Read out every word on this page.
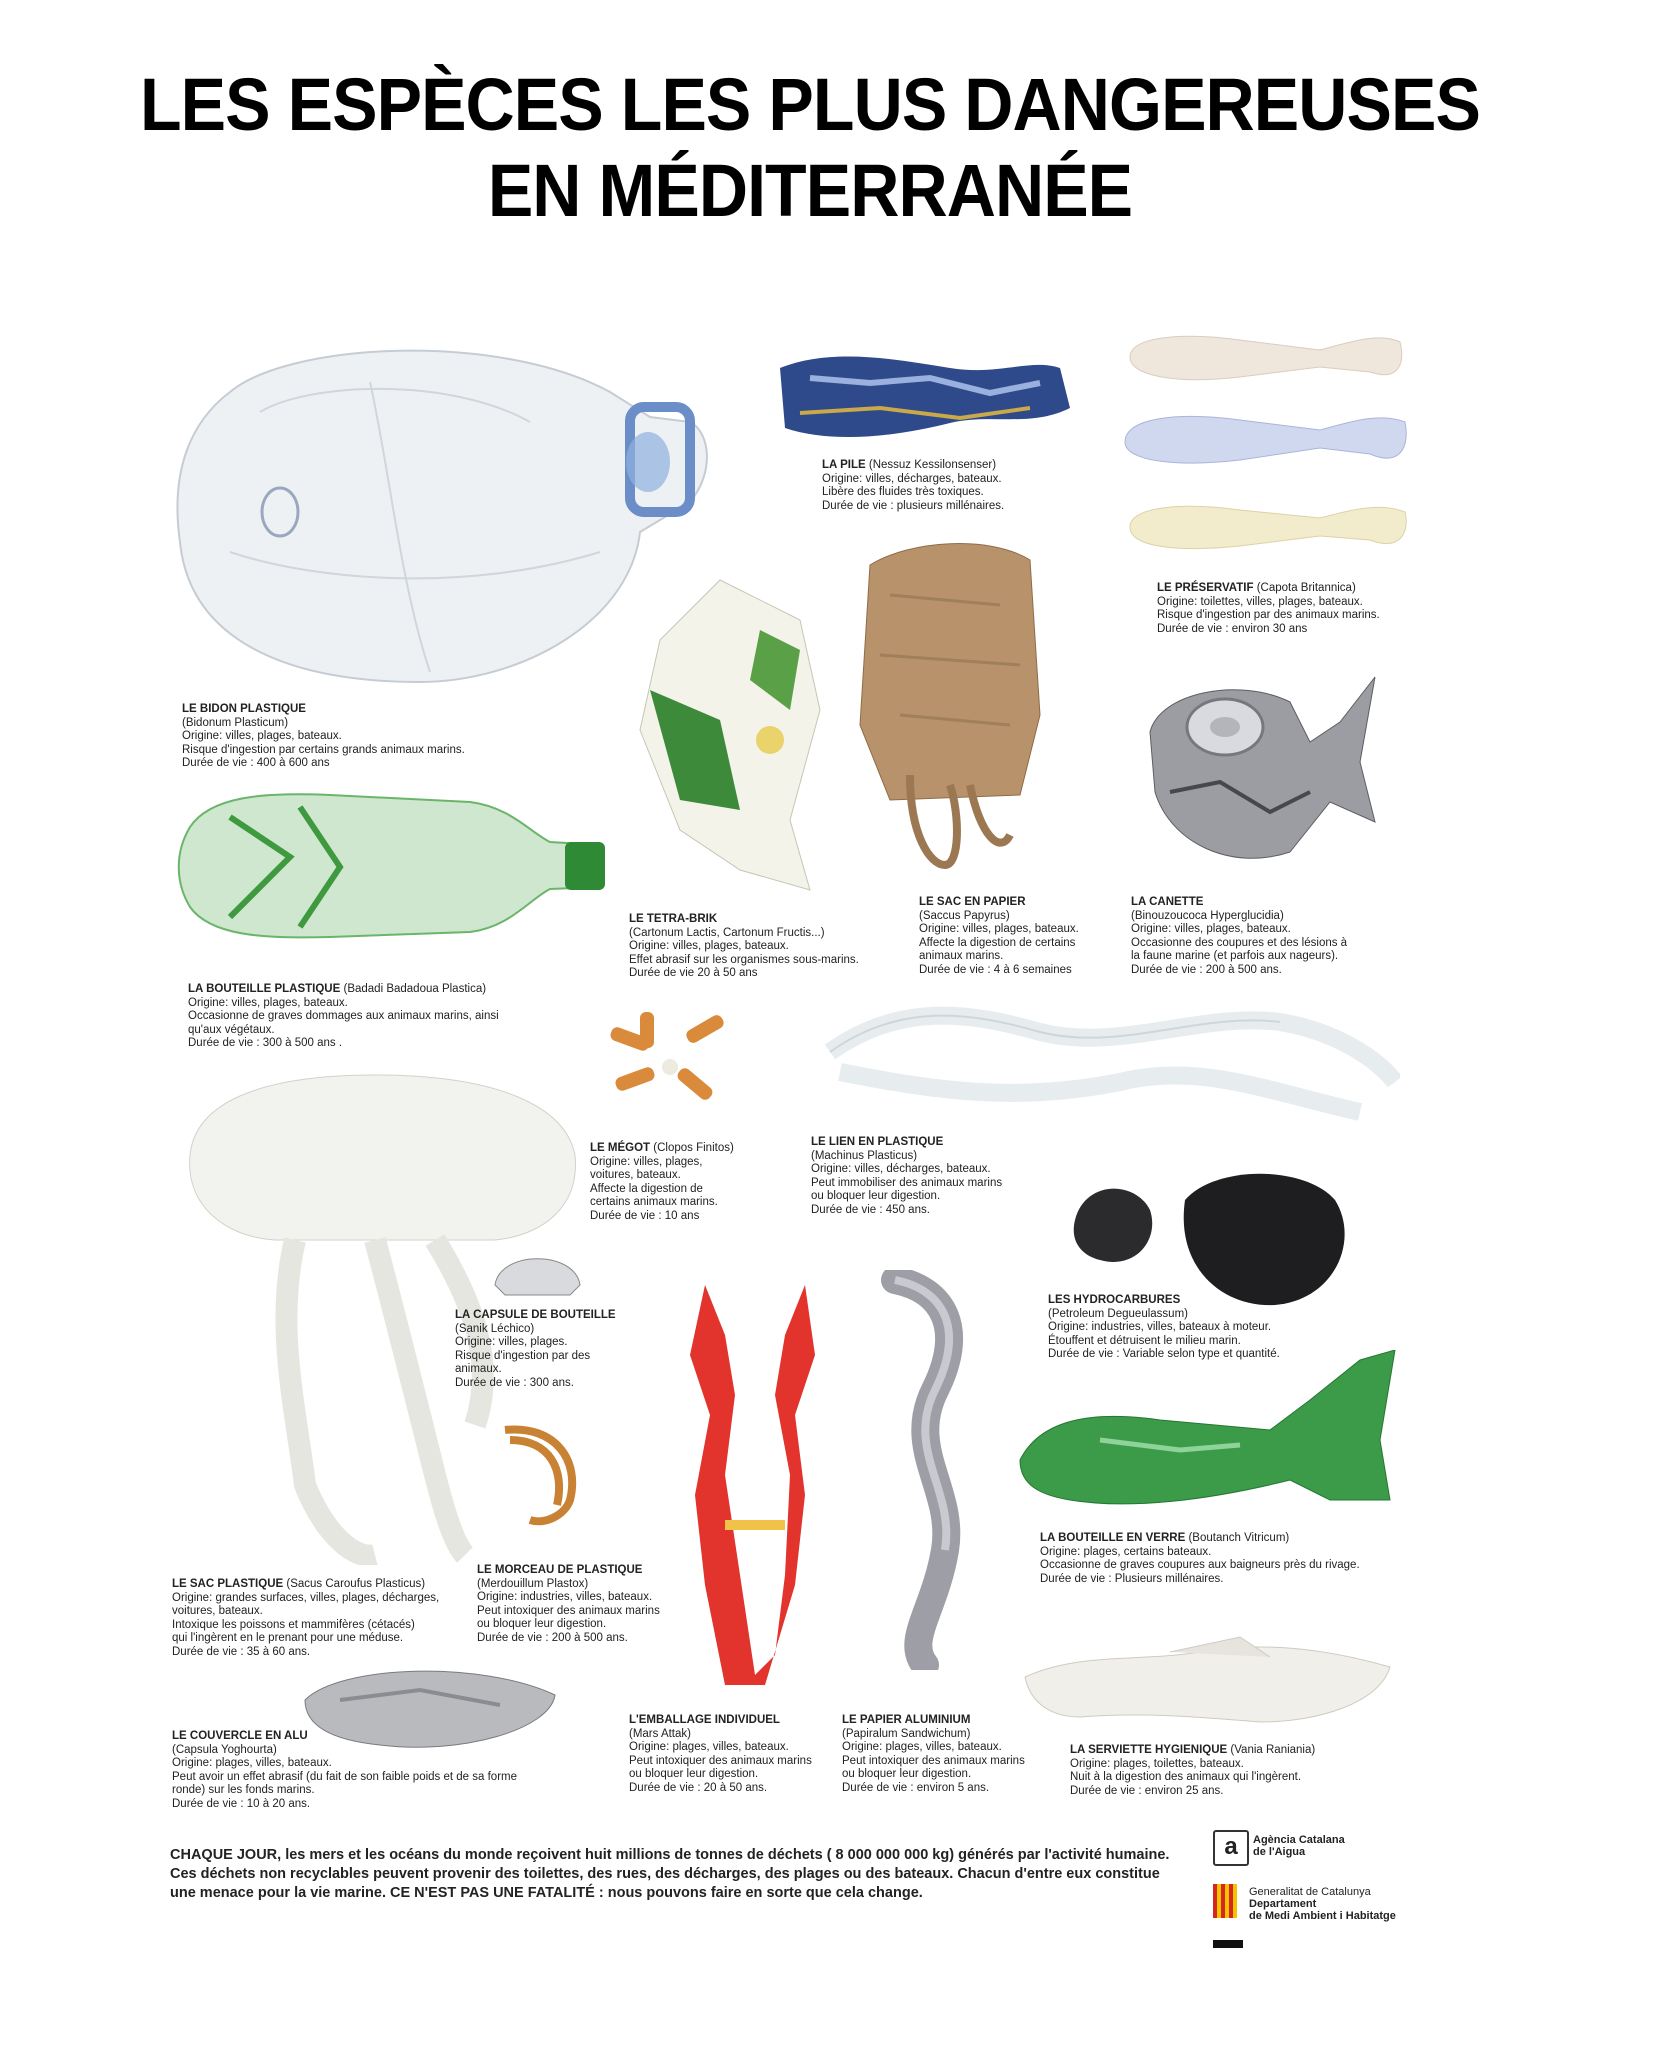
LES ESPÈCES LES PLUS DANGEREUSES
EN MÉDITERRANÉE
LE BIDON PLASTIQUE
(Bidonum Plasticum)
Origine: villes, plages, bateaux.
Risque d'ingestion par certains grands animaux marins.
Durée de vie : 400 à 600 ans
LA PILE (Nessuz Kessilonsenser)
Origine: villes, décharges, bateaux.
Libère des fluides très toxiques.
Durée de vie : plusieurs millénaires.
LE PRÉSERVATIF (Capota Britannica)
Origine: toilettes, villes, plages, bateaux.
Risque d'ingestion par des animaux marins.
Durée de vie : environ 30 ans
LE TETRA-BRIK
(Cartonum Lactis, Cartonum Fructis...)
Origine: villes, plages, bateaux.
Effet abrasif sur les organismes sous-marins.
Durée de vie 20 à 50 ans
LE SAC EN PAPIER
(Saccus Papyrus)
Origine: villes, plages, bateaux.
Affecte la digestion de certains
animaux marins.
Durée de vie : 4 à 6 semaines
LA CANETTE
(Binouzoucoca Hyperglucidia)
Origine: villes, plages, bateaux.
Occasionne des coupures et des lésions à
la faune marine (et parfois aux nageurs).
Durée de vie : 200 à 500 ans.
LA BOUTEILLE PLASTIQUE (Badadi Badadoua Plastica)
Origine: villes, plages, bateaux.
Occasionne de graves dommages aux animaux marins, ainsi
qu'aux végétaux.
Durée de vie : 300 à 500 ans .
LE MÉGOT (Clopos Finitos)
Origine: villes, plages,
voitures, bateaux.
Affecte la digestion de
certains animaux marins.
Durée de vie : 10 ans
LE LIEN EN PLASTIQUE
(Machinus Plasticus)
Origine: villes, décharges, bateaux.
Peut immobiliser des animaux marins
ou bloquer leur digestion.
Durée de vie : 450 ans.
LES HYDROCARBURES
(Petroleum Degueulassum)
Origine: industries, villes, bateaux à moteur.
Étouffent et détruisent le milieu marin.
Durée de vie : Variable selon type et quantité.
LA CAPSULE DE BOUTEILLE
(Sanik Léchico)
Origine: villes, plages.
Risque d'ingestion par des
animaux.
Durée de vie : 300 ans.
LA BOUTEILLE EN VERRE (Boutanch Vitricum)
Origine: plages, certains bateaux.
Occasionne de graves coupures aux baigneurs près du rivage.
Durée de vie : Plusieurs millénaires.
LE SAC PLASTIQUE (Sacus Caroufus Plasticus)
Origine: grandes surfaces, villes, plages, décharges,
voitures, bateaux.
Intoxique les poissons et mammifères (cétacés)
qui l'ingèrent en le prenant pour une méduse.
Durée de vie : 35 à 60 ans.
LE MORCEAU DE PLASTIQUE
(Merdouillum Plastox)
Origine: industries, villes, bateaux.
Peut intoxiquer des animaux marins
ou bloquer leur digestion.
Durée de vie : 200 à 500 ans.
LE COUVERCLE EN ALU
(Capsula Yoghourta)
Origine: plages, villes, bateaux.
Peut avoir un effet abrasif (du fait de son faible poids et de sa forme
ronde) sur les fonds marins.
Durée de vie : 10 à 20 ans.
L'EMBALLAGE INDIVIDUEL
(Mars Attak)
Origine: plages, villes, bateaux.
Peut intoxiquer des animaux marins
ou bloquer leur digestion.
Durée de vie : 20 à 50 ans.
LE PAPIER ALUMINIUM
(Papiralum Sandwichum)
Origine: plages, villes, bateaux.
Peut intoxiquer des animaux marins
ou bloquer leur digestion.
Durée de vie : environ 5 ans.
LA SERVIETTE HYGIENIQUE (Vania Raniania)
Origine: plages, toilettes, bateaux.
Nuit à la digestion des animaux qui l'ingèrent.
Durée de vie : environ 25 ans.
CHAQUE JOUR, les mers et les océans du monde reçoivent huit millions de tonnes de déchets ( 8 000 000 000 kg) générés par l'activité humaine.
Ces déchets non recyclables peuvent provenir des toilettes, des rues, des décharges, des plages ou des bateaux. Chacun d'entre eux constitue
une menace pour la vie marine. CE N'EST PAS UNE FATALITÉ : nous pouvons faire en sorte que cela change.
a	Agència Catalana
de l'Aigua
Generalitat de Catalunya
Departament
de Medi Ambient i Habitatge
